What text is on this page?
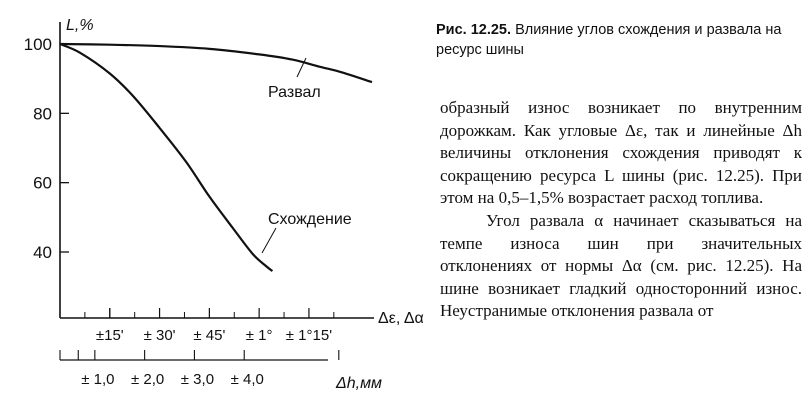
100
80
60
40
L,%
±15' ± 30' ± 45' ± 1° ± 1°15'
Δε, Δα
± 1,0 ± 2,0 ± 3,0 ± 4,0	Δh,мм
Развал
Схождение
Рис. 12.25. Влияние углов схождения и развала на ресурс шины

образный износ возникает по внутренним дорожкам. Как угловые Δε, так и линейные Δh величины отклонения схождения приводят к сокращению ресурса L шины (рис. 12.25). При этом на 0,5–1,5% возрастает расход топлива.

Угол развала α начинает сказываться на темпе износа шин при значительных отклонениях от нормы Δα (см. рис. 12.25). На шине возникает гладкий односторонний износ. Неустранимые отклонения развала от
